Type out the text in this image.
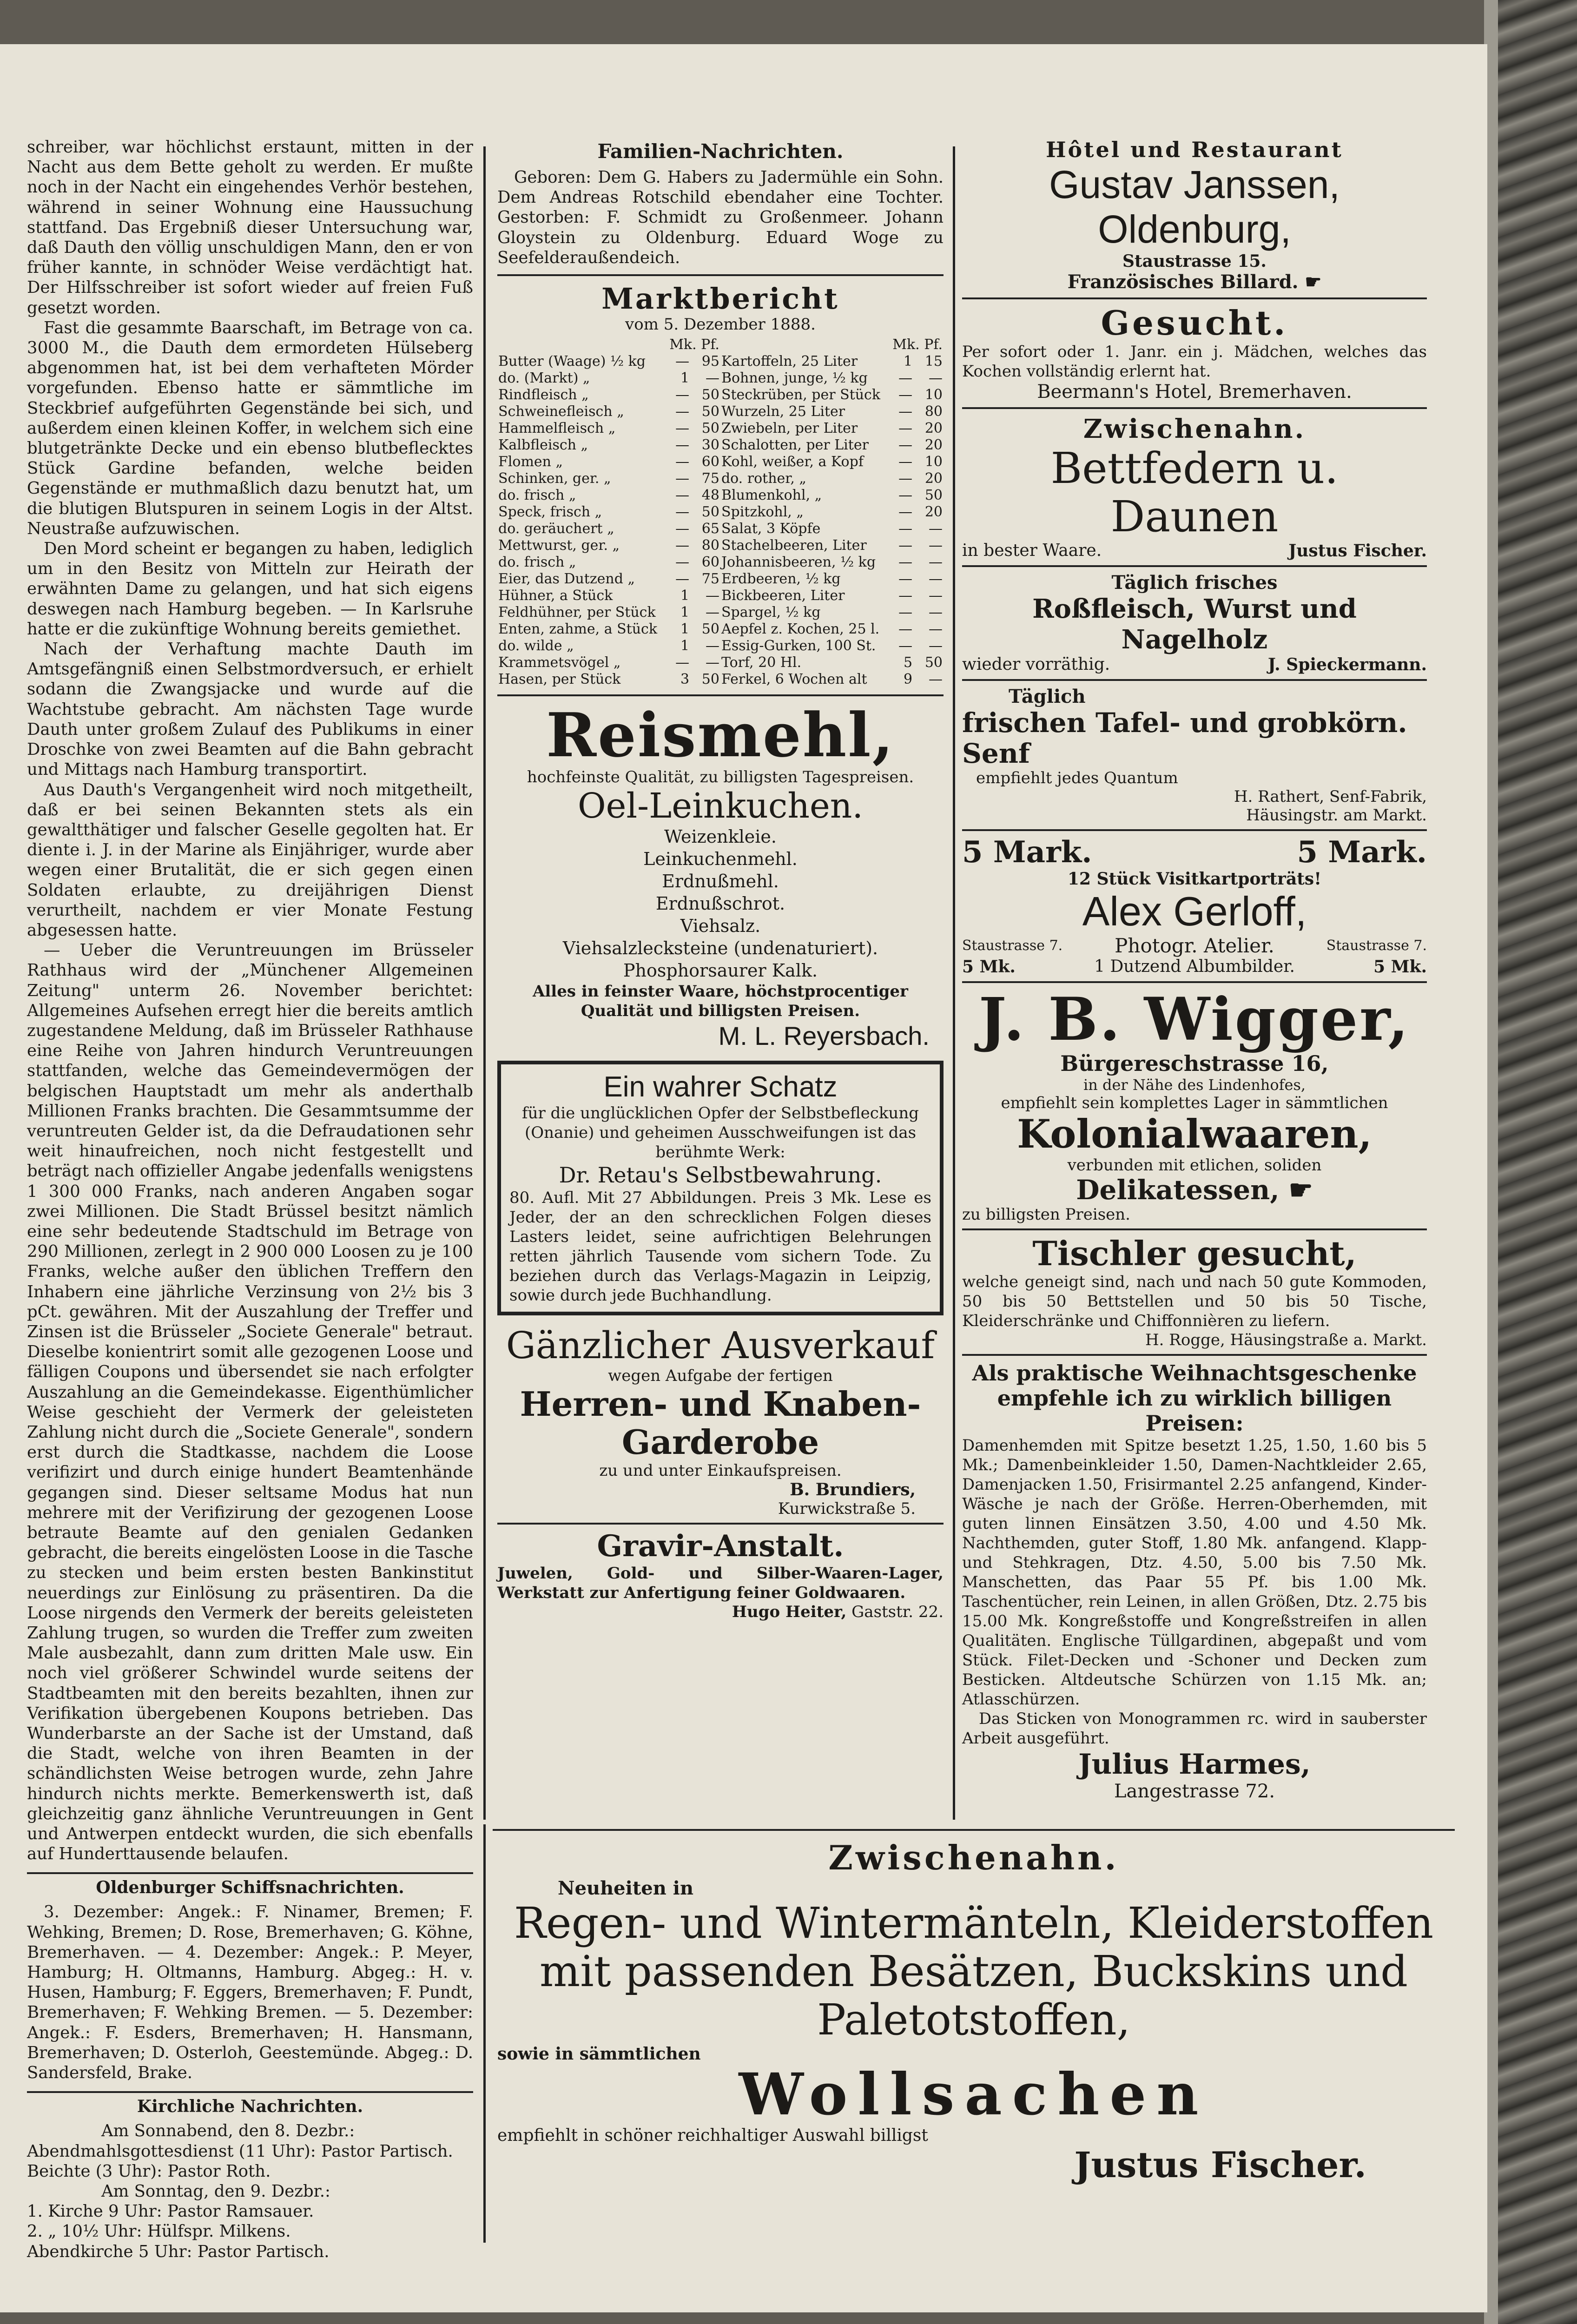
schreiber, war höchlichst erstaunt, mitten in der Nacht aus dem Bette geholt zu werden. Er mußte noch in der Nacht ein eingehendes Verhör bestehen, während in seiner Wohnung eine Haussuchung stattfand. Das Ergebniß dieser Untersuchung war, daß Dauth den völlig unschuldigen Mann, den er von früher kannte, in schnöder Weise verdächtigt hat. Der Hilfsschreiber ist sofort wieder auf freien Fuß gesetzt worden.

Fast die gesammte Baarschaft, im Betrage von ca. 3000 M., die Dauth dem ermordeten Hülseberg abgenommen hat, ist bei dem verhafteten Mörder vorgefunden. Ebenso hatte er sämmtliche im Steckbrief aufgeführten Gegenstände bei sich, und außerdem einen kleinen Koffer, in welchem sich eine blutgetränkte Decke und ein ebenso blutbeflecktes Stück Gardine befanden, welche beiden Gegenstände er muthmaßlich dazu benutzt hat, um die blutigen Blutspuren in seinem Logis in der Altst. Neustraße aufzuwischen.

Den Mord scheint er begangen zu haben, lediglich um in den Besitz von Mitteln zur Heirath der erwähnten Dame zu gelangen, und hat sich eigens deswegen nach Hamburg begeben. — In Karlsruhe hatte er die zukünftige Wohnung bereits gemiethet.

Nach der Verhaftung machte Dauth im Amtsgefängniß einen Selbstmordversuch, er erhielt sodann die Zwangsjacke und wurde auf die Wachtstube gebracht. Am nächsten Tage wurde Dauth unter großem Zulauf des Publikums in einer Droschke von zwei Beamten auf die Bahn gebracht und Mittags nach Hamburg transportirt.

Aus Dauth's Vergangenheit wird noch mitgetheilt, daß er bei seinen Bekannten stets als ein gewaltthätiger und falscher Geselle gegolten hat. Er diente i. J. in der Marine als Einjähriger, wurde aber wegen einer Brutalität, die er sich gegen einen Soldaten erlaubte, zu dreijährigen Dienst verurtheilt, nachdem er vier Monate Festung abgesessen hatte.

— Ueber die Veruntreuungen im Brüsseler Rathhaus wird der „Münchener Allgemeinen Zeitung" unterm 26. November berichtet: Allgemeines Aufsehen erregt hier die bereits amtlich zugestandene Meldung, daß im Brüsseler Rathhause eine Reihe von Jahren hindurch Veruntreuungen stattfanden, welche das Gemeindevermögen der belgischen Hauptstadt um mehr als anderthalb Millionen Franks brachten. Die Gesammtsumme der veruntreuten Gelder ist, da die Defraudationen sehr weit hinaufreichen, noch nicht festgestellt und beträgt nach offizieller Angabe jedenfalls wenigstens 1 300 000 Franks, nach anderen Angaben sogar zwei Millionen. Die Stadt Brüssel besitzt nämlich eine sehr bedeutende Stadtschuld im Betrage von 290 Millionen, zerlegt in 2 900 000 Loosen zu je 100 Franks, welche außer den üblichen Treffern den Inhabern eine jährliche Verzinsung von 2½ bis 3 pCt. gewähren. Mit der Auszahlung der Treffer und Zinsen ist die Brüsseler „Societe Generale" betraut. Dieselbe konientrirt somit alle gezogenen Loose und fälligen Coupons und übersendet sie nach erfolgter Auszahlung an die Gemeindekasse. Eigenthümlicher Weise geschieht der Vermerk der geleisteten Zahlung nicht durch die „Societe Generale", sondern erst durch die Stadtkasse, nachdem die Loose verifizirt und durch einige hundert Beamtenhände gegangen sind. Dieser seltsame Modus hat nun mehrere mit der Verifizirung der gezogenen Loose betraute Beamte auf den genialen Gedanken gebracht, die bereits eingelösten Loose in die Tasche zu stecken und beim ersten besten Bankinstitut neuerdings zur Einlösung zu präsentiren. Da die Loose nirgends den Vermerk der bereits geleisteten Zahlung trugen, so wurden die Treffer zum zweiten Male ausbezahlt, dann zum dritten Male usw. Ein noch viel größerer Schwindel wurde seitens der Stadtbeamten mit den bereits bezahlten, ihnen zur Verifikation übergebenen Koupons betrieben. Das Wunderbarste an der Sache ist der Umstand, daß die Stadt, welche von ihren Beamten in der schändlichsten Weise betrogen wurde, zehn Jahre hindurch nichts merkte. Bemerkenswerth ist, daß gleichzeitig ganz ähnliche Veruntreuungen in Gent und Antwerpen entdeckt wurden, die sich ebenfalls auf Hunderttausende belaufen.

Oldenburger Schiffsnachrichten.

3. Dezember: Angek.: F. Ninamer, Bremen; F. Wehking, Bremen; D. Rose, Bremerhaven; G. Köhne, Bremerhaven. — 4. Dezember: Angek.: P. Meyer, Hamburg; H. Oltmanns, Hamburg. Abgeg.: H. v. Husen, Hamburg; F. Eggers, Bremerhaven; F. Pundt, Bremerhaven; F. Wehking Bremen. — 5. Dezember: Angek.: F. Esders, Bremerhaven; H. Hansmann, Bremerhaven; D. Osterloh, Geestemünde. Abgeg.: D. Sandersfeld, Brake.

Kirchliche Nachrichten.
Am Sonnabend, den 8. Dezbr.:
Abendmahlsgottesdienst (11 Uhr): Pastor Partisch.
Beichte (3 Uhr): Pastor Roth.
Am Sonntag, den 9. Dezbr.:
1. Kirche 9 Uhr: Pastor Ramsauer.
2. „ 10½ Uhr: Hülfspr. Milkens.
Abendkirche 5 Uhr: Pastor Partisch.
Familien-Nachrichten.

Geboren: Dem G. Habers zu Jadermühle ein Sohn. Dem Andreas Rotschild ebendaher eine Tochter. Gestorben: F. Schmidt zu Großenmeer. Johann Gloystein zu Oldenburg. Eduard Woge zu Seefelderaußendeich.

Marktbericht
vom 5. Dezember 1888.
	Mk. Pf.			Mk. Pf.	
Butter (Waage) ½ kg	—	95	Kartoffeln, 25 Liter	1	15
do. (Markt) „	1	—	Bohnen, junge, ½ kg	—	—
Rindfleisch „	—	50	Steckrüben, per Stück	—	10
Schweinefleisch „	—	50	Wurzeln, 25 Liter	—	80
Hammelfleisch „	—	50	Zwiebeln, per Liter	—	20
Kalbfleisch „	—	30	Schalotten, per Liter	—	20
Flomen „	—	60	Kohl, weißer, a Kopf	—	10
Schinken, ger. „	—	75	do. rother, „	—	20
do. frisch „	—	48	Blumenkohl, „	—	50
Speck, frisch „	—	50	Spitzkohl, „	—	20
do. geräuchert „	—	65	Salat, 3 Köpfe	—	—
Mettwurst, ger. „	—	80	Stachelbeeren, Liter	—	—
do. frisch „	—	60	Johannisbeeren, ½ kg	—	—
Eier, das Dutzend „	—	75	Erdbeeren, ½ kg	—	—
Hühner, a Stück	1	—	Bickbeeren, Liter	—	—
Feldhühner, per Stück	1	—	Spargel, ½ kg	—	—
Enten, zahme, a Stück	1	50	Aepfel z. Kochen, 25 l.	—	—
do. wilde „	1	—	Essig-Gurken, 100 St.	—	—
Krammetsvögel „	—	—	Torf, 20 Hl.	5	50
Hasen, per Stück	3	50	Ferkel, 6 Wochen alt	9	—
Reismehl,
hochfeinste Qualität, zu billigsten Tagespreisen.
Oel-Leinkuchen.
Weizenkleie.
Leinkuchenmehl.
Erdnußmehl.
Erdnußschrot.
Viehsalz.
Viehsalzlecksteine (undenaturiert).
Phosphorsaurer Kalk.
Alles in feinster Waare, höchstprocentiger Qualität und billigsten Preisen.
M. L. Reyersbach.
Ein wahrer Schatz
für die unglücklichen Opfer der Selbstbefleckung (Onanie) und geheimen Ausschweifungen ist das berühmte Werk:
Dr. Retau's Selbstbewahrung.
80. Aufl. Mit 27 Abbildungen. Preis 3 Mk. Lese es Jeder, der an den schrecklichen Folgen dieses Lasters leidet, seine aufrichtigen Belehrungen retten jährlich Tausende vom sichern Tode. Zu beziehen durch das Verlags-Magazin in Leipzig, sowie durch jede Buchhandlung.
Gänzlicher Ausverkauf
wegen Aufgabe der fertigen
Herren- und Knaben-
Garderobe
zu und unter Einkaufspreisen.
B. Brundiers,
Kurwickstraße 5.
Gravir-Anstalt.
Juwelen, Gold- und Silber-Waaren-Lager, Werkstatt zur Anfertigung feiner Goldwaaren.
Hugo Heiter, Gaststr. 22.
Hôtel und Restaurant
Gustav Janssen, Oldenburg,
Staustrasse 15.
Französisches Billard. ☛
Gesucht.
Per sofort oder 1. Janr. ein j. Mädchen, welches das Kochen vollständig erlernt hat.
Beermann's Hotel, Bremerhaven.
Zwischenahn.
Bettfedern u. Daunen
in bester Waare.	Justus Fischer.
Täglich frisches
Roßfleisch, Wurst und Nagelholz
wieder vorräthig.	J. Spieckermann.
Täglich
frischen Tafel- und grobkörn. Senf
empfiehlt jedes Quantum
H. Rathert, Senf-Fabrik,
Häusingstr. am Markt.
5 Mark.	5 Mark.
12 Stück Visitkartporträts!
Alex Gerloff,
Staustrasse 7.	Photogr. Atelier.	Staustrasse 7.
5 Mk.	1 Dutzend Albumbilder.	5 Mk.
J. B. Wigger,
Bürgereschstrasse 16,
in der Nähe des Lindenhofes,
empfiehlt sein komplettes Lager in sämmtlichen
Kolonialwaaren,
verbunden mit etlichen, soliden
Delikatessen, ☛
zu billigsten Preisen.
Tischler gesucht,
welche geneigt sind, nach und nach 50 gute Kommoden, 50 bis 50 Bettstellen und 50 bis 50 Tische, Kleiderschränke und Chiffonnièren zu liefern.
H. Rogge, Häusingstraße a. Markt.
Als praktische Weihnachtsgeschenke
empfehle ich zu wirklich billigen
Preisen:
Damenhemden mit Spitze besetzt 1.25, 1.50, 1.60 bis 5 Mk.; Damenbeinkleider 1.50, Damen-Nachtkleider 2.65, Damenjacken 1.50, Frisirmantel 2.25 anfangend, Kinder-Wäsche je nach der Größe. Herren-Oberhemden, mit guten linnen Einsätzen 3.50, 4.00 und 4.50 Mk. Nachthemden, guter Stoff, 1.80 Mk. anfangend. Klapp- und Stehkragen, Dtz. 4.50, 5.00 bis 7.50 Mk. Manschetten, das Paar 55 Pf. bis 1.00 Mk. Taschentücher, rein Leinen, in allen Größen, Dtz. 2.75 bis 15.00 Mk. Kongreßstoffe und Kongreßstreifen in allen Qualitäten. Englische Tüllgardinen, abgepaßt und vom Stück. Filet-Decken und -Schoner und Decken zum Besticken. Altdeutsche Schürzen von 1.15 Mk. an; Atlasschürzen.
Das Sticken von Monogrammen rc. wird in sauberster Arbeit ausgeführt.
Julius Harmes,
Langestrasse 72.
Zwischenahn.
Neuheiten in
Regen- und Wintermänteln, Kleiderstoffen
mit passenden Besätzen, Buckskins und
Paletotstoffen,
sowie in sämmtlichen
Wollsachen
empfiehlt in schöner reichhaltiger Auswahl billigst
Justus Fischer.
